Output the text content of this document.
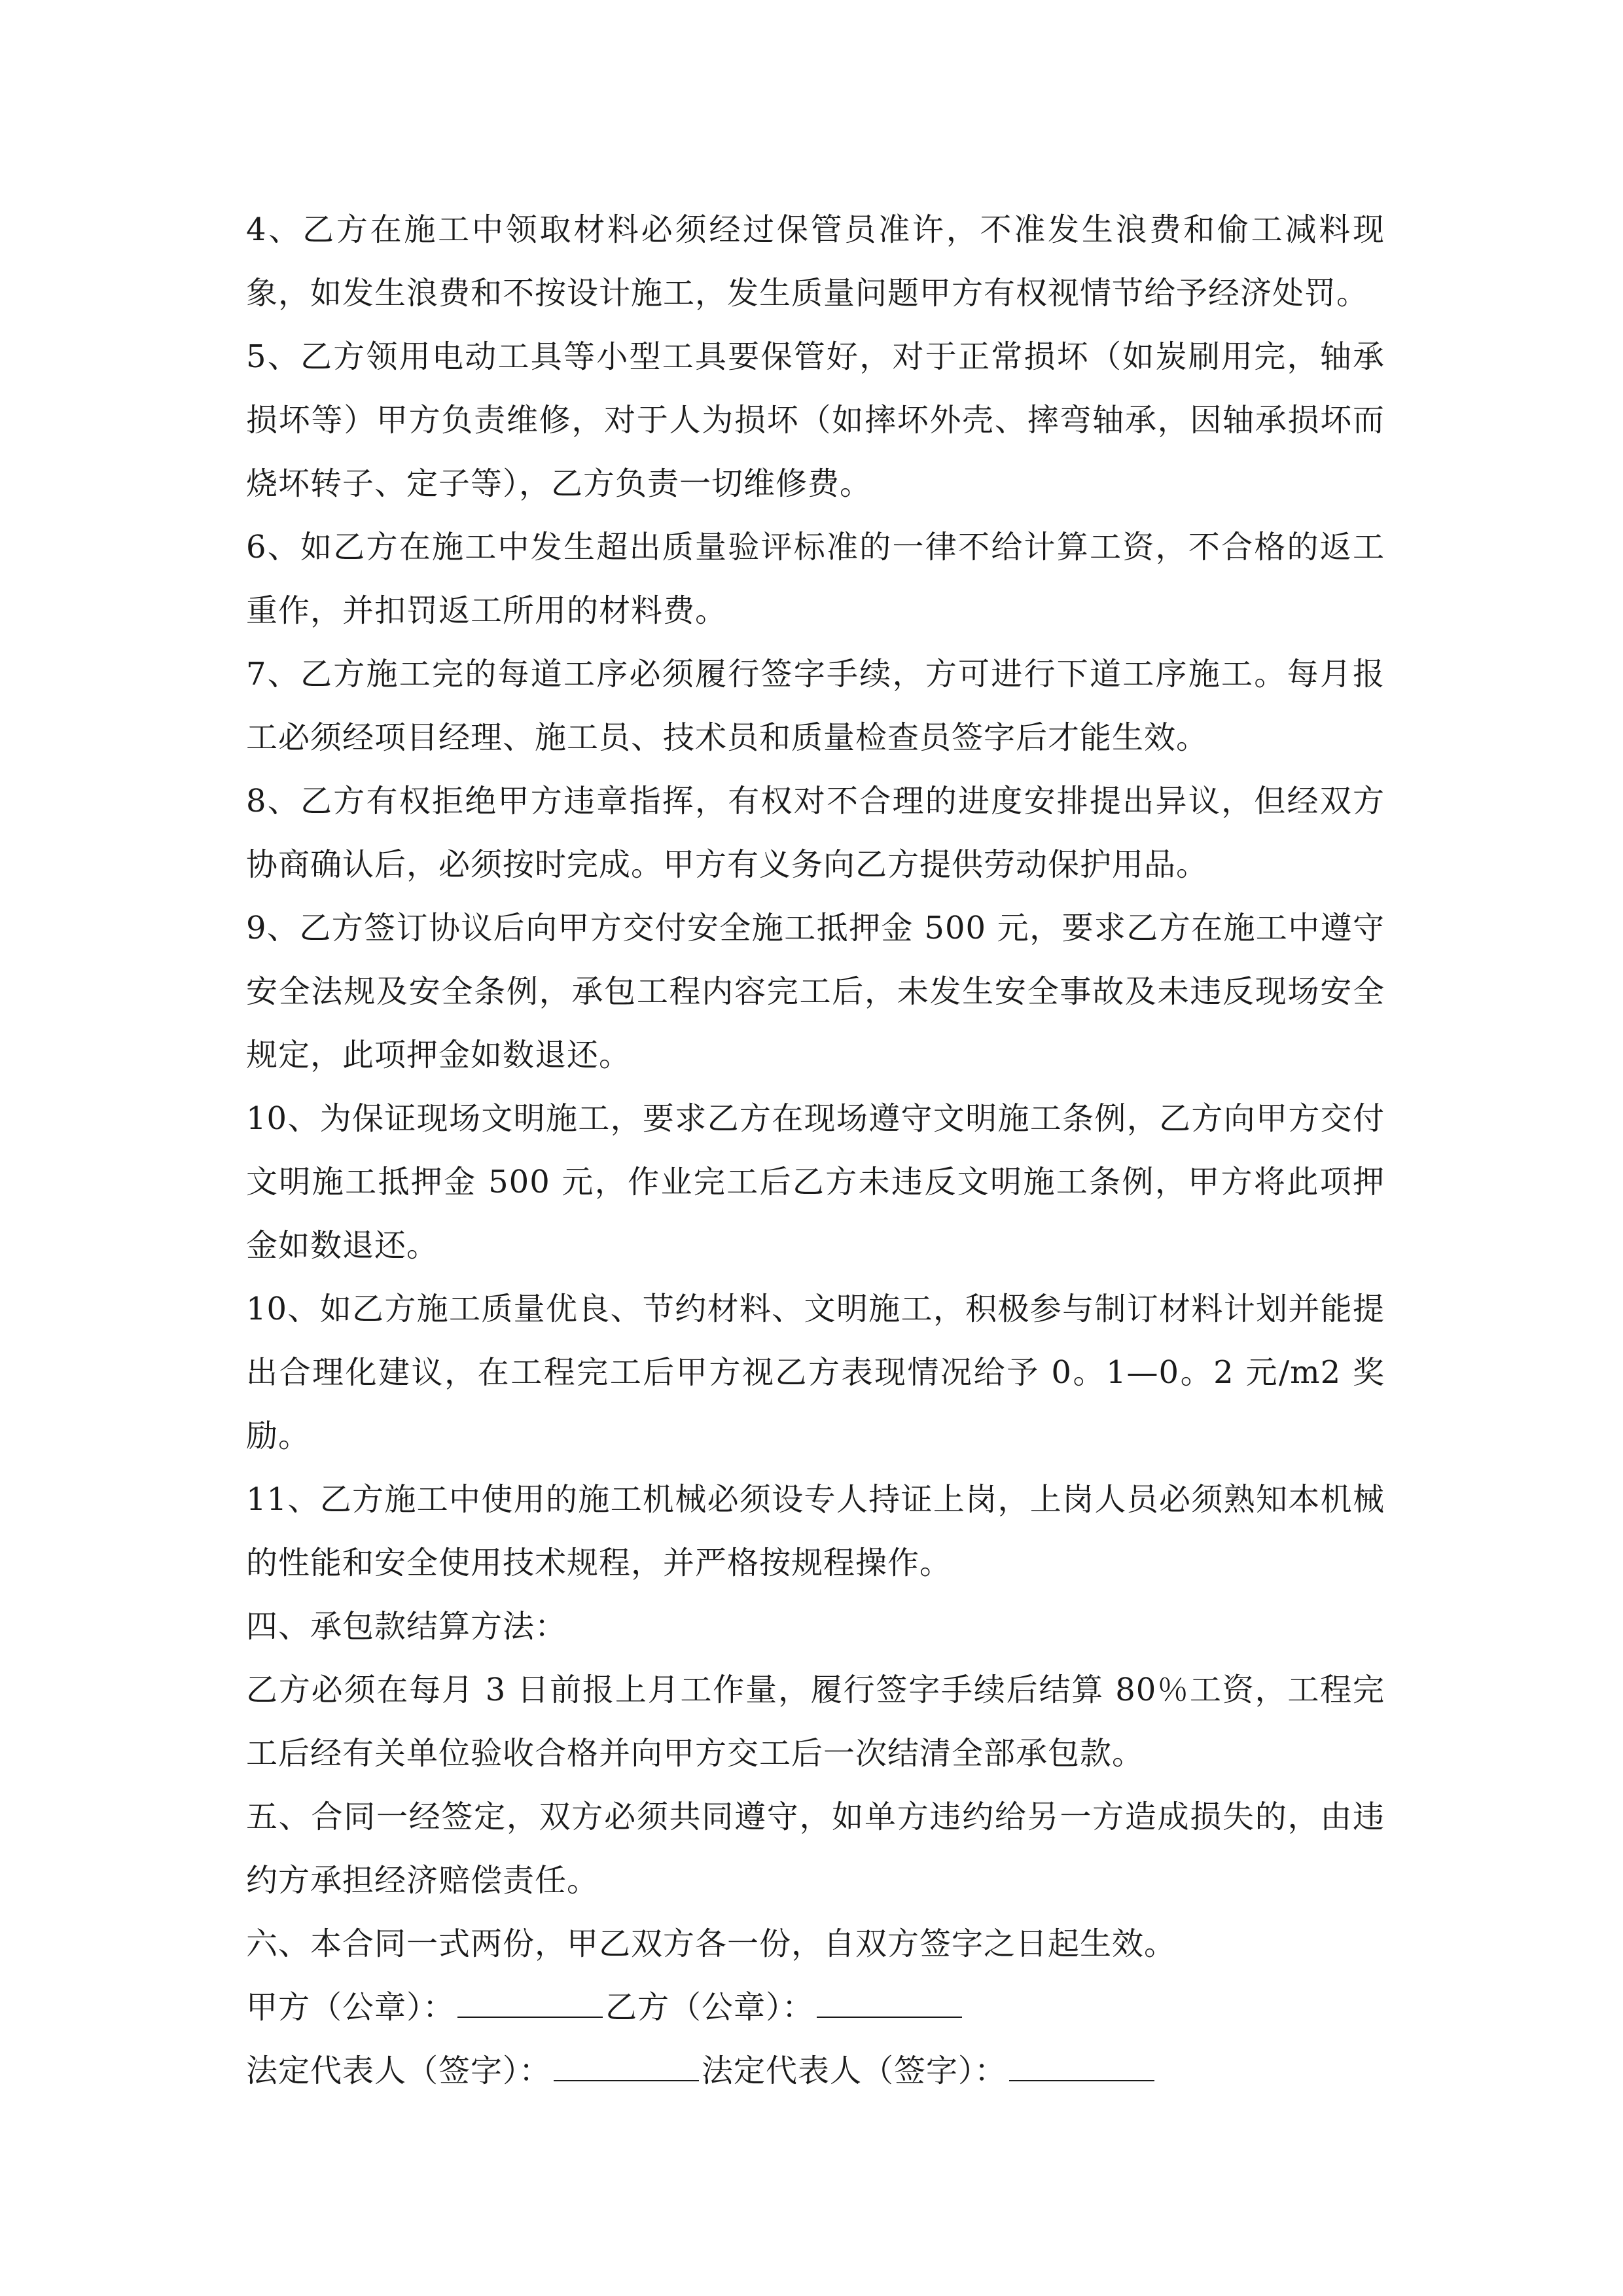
4、乙方在施工中领取材料必须经过保管员准许，不准发生浪费和偷工减料现象，如发生浪费和不按设计施工，发生质量问题甲方有权视情节给予经济处罚。

5、乙方领用电动工具等小型工具要保管好，对于正常损坏（如炭刷用完，轴承损坏等）甲方负责维修，对于人为损坏（如摔坏外壳、摔弯轴承，因轴承损坏而烧坏转子、定子等），乙方负责一切维修费。

6、如乙方在施工中发生超出质量验评标准的一律不给计算工资，不合格的返工重作，并扣罚返工所用的材料费。

7、乙方施工完的每道工序必须履行签字手续，方可进行下道工序施工。每月报工必须经项目经理、施工员、技术员和质量检查员签字后才能生效。

8、乙方有权拒绝甲方违章指挥，有权对不合理的进度安排提出异议，但经双方协商确认后，必须按时完成。甲方有义务向乙方提供劳动保护用品。

9、乙方签订协议后向甲方交付安全施工抵押金 500 元，要求乙方在施工中遵守安全法规及安全条例，承包工程内容完工后，未发生安全事故及未违反现场安全规定，此项押金如数退还。

10、为保证现场文明施工，要求乙方在现场遵守文明施工条例，乙方向甲方交付文明施工抵押金 500 元，作业完工后乙方未违反文明施工条例，甲方将此项押金如数退还。

10、如乙方施工质量优良、节约材料、文明施工，积极参与制订材料计划并能提出合理化建议，在工程完工后甲方视乙方表现情况给予 0。1—0。2 元/m2 奖励。

11、乙方施工中使用的施工机械必须设专人持证上岗，上岗人员必须熟知本机械的性能和安全使用技术规程，并严格按规程操作。

四、承包款结算方法：

乙方必须在每月 3 日前报上月工作量，履行签字手续后结算 80％工资，工程完工后经有关单位验收合格并向甲方交工后一次结清全部承包款。

五、合同一经签定，双方必须共同遵守，如单方违约给另一方造成损失的，由违约方承担经济赔偿责任。

六、本合同一式两份，甲乙双方各一份，自双方签字之日起生效。

甲方（公章）：	乙方（公章）：

法定代表人（签字）：	法定代表人（签字）：
